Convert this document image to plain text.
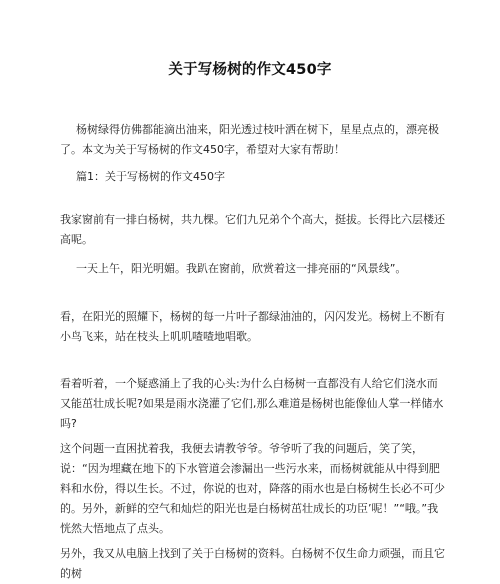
关于写杨树的作文450字

杨树绿得仿佛都能滴出油来，阳光透过枝叶洒在树下，星星点点的，漂亮极了。本文为关于写杨树的作文450字，希望对大家有帮助！

篇1：关于写杨树的作文450字

我家窗前有一排白杨树，共九棵。它们九兄弟个个高大，挺拔。长得比六层楼还高呢。

一天上午，阳光明媚。我趴在窗前，欣赏着这一排亮丽的“风景线”。

看，在阳光的照耀下，杨树的每一片叶子都绿油油的，闪闪发光。杨树上不断有小鸟飞来，站在枝头上叽叽喳喳地唱歌。

看着听着，一个疑惑涌上了我的心头:为什么白杨树一直都没有人给它们浇水而又能茁壮成长呢?如果是雨水浇灌了它们,那么难道是杨树也能像仙人掌一样储水吗?

这个问题一直困扰着我，我便去请教爷爷。爷爷听了我的问题后，笑了笑，说：“因为埋藏在地下的下水管道会渗漏出一些污水来，而杨树就能从中得到肥料和水份，得以生长。不过，你说的也对，降落的雨水也是白杨树生长必不可少的。另外，新鲜的空气和灿烂的阳光也是白杨树茁壮成长的功臣’呢！”“哦。”我恍然大悟地点了点头。

另外，我又从电脑上找到了关于白杨树的资料。白杨树不仅生命力顽强，而且它的树
